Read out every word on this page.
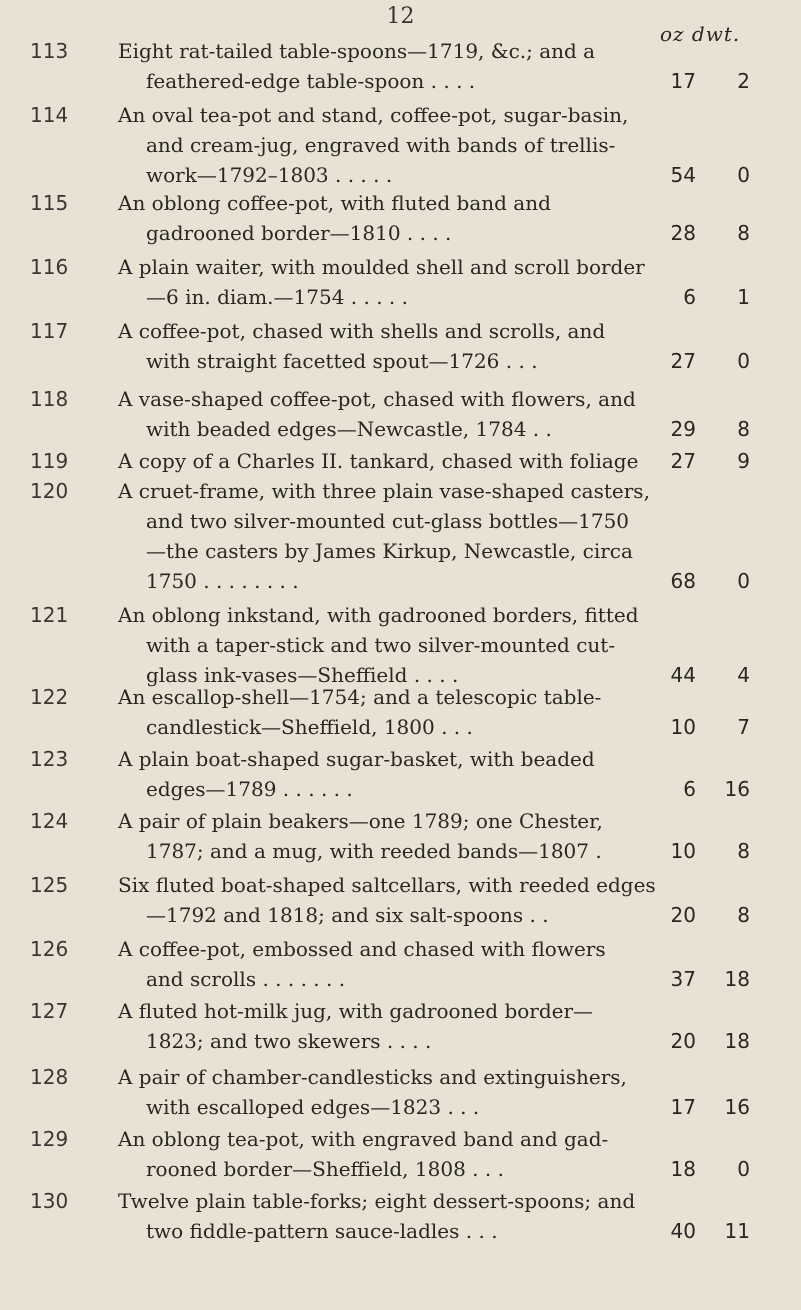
12
oz dwt.
113	Eight rat-tailed table-spoons—1719, &c.; and a
feathered-edge table-spoon . . . .	17	2
114	An oval tea-pot and stand, coffee-pot, sugar-basin,
and cream-jug, engraved with bands of trellis-
work—1792–1803 . . . . .	54	0
115	An oblong coffee-pot, with fluted band and
gadrooned border—1810 . . . .	28	8
116	A plain waiter, with moulded shell and scroll border
—6 in. diam.—1754 . . . . .	6	1
117	A coffee-pot, chased with shells and scrolls, and
with straight facetted spout—1726 . . .	27	0
118	A vase-shaped coffee-pot, chased with flowers, and
with beaded edges—Newcastle, 1784 . .	29	8
119	A copy of a Charles II. tankard, chased with foliage	27	9
120	A cruet-frame, with three plain vase-shaped casters,
and two silver-mounted cut-glass bottles—1750
—the casters by James Kirkup, Newcastle, circa
1750 . . . . . . . .	68	0
121	An oblong inkstand, with gadrooned borders, fitted
with a taper-stick and two silver-mounted cut-
glass ink-vases—Sheffield . . . .	44	4
122	An escallop-shell—1754; and a telescopic table-
candlestick—Sheffield, 1800 . . .	10	7
123	A plain boat-shaped sugar-basket, with beaded
edges—1789 . . . . . .	6	16
124	A pair of plain beakers—one 1789; one Chester,
1787; and a mug, with reeded bands—1807 .	10	8
125	Six fluted boat-shaped saltcellars, with reeded edges
—1792 and 1818; and six salt-spoons . .	20	8
126	A coffee-pot, embossed and chased with flowers
and scrolls . . . . . . .	37	18
127	A fluted hot-milk jug, with gadrooned border—
1823; and two skewers . . . .	20	18
128	A pair of chamber-candlesticks and extinguishers,
with escalloped edges—1823 . . .	17	16
129	An oblong tea-pot, with engraved band and gad-
rooned border—Sheffield, 1808 . . .	18	0
130	Twelve plain table-forks; eight dessert-spoons; and
two fiddle-pattern sauce-ladles . . .	40	11
